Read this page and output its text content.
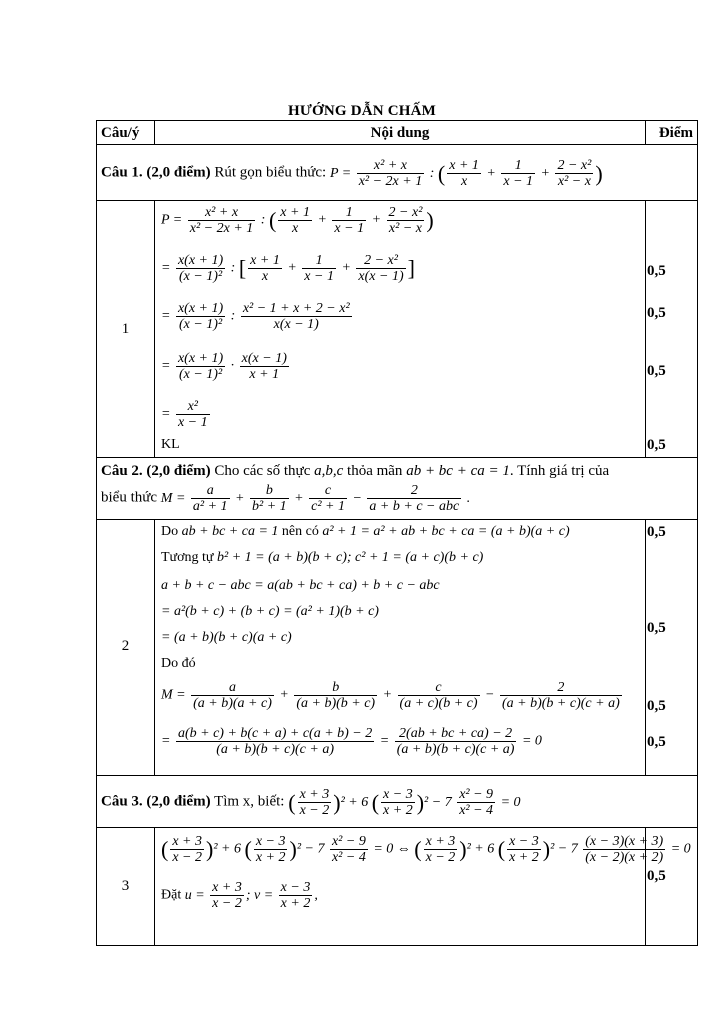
HƯỚNG DẪN CHẤM
Câu/ý	Nội dung	Điểm
Câu 1. (2,0 điểm) Rút gọn biểu thức: $P = \frac{\text{x² + x}}{\text{x² − 2x + 1}}$ : ( $\frac{x + 1}{x} + \frac{1}{x - 1} + \frac{\text{2 − x²}}{\text{x² − x}}$ )
1
$P = \frac{\text{x² + x}}{\text{x² − 2x + 1}}$ : ( $\frac{x + 1}{x} + \frac{1}{x - 1} + \frac{\text{2 − x²}}{\text{x² − x}}$ )
= $\frac{x(x + 1)}{\text{(x − 1)²}}$ : [ $\frac{x + 1}{x} + \frac{1}{x - 1} + \frac{\text{2 − x²}}{x(x - 1)}$ ]
= $\frac{x(x + 1)}{\text{(x − 1)²}}$ : $\frac{\text{x² − 1 + x + 2 − x²}}{x(x - 1)}$
= $\frac{x(x + 1)}{\text{(x − 1)²}} \cdot \frac{x(x - 1)}{x + 1}$
= $\frac{\text{x²}}{x - 1}$
KL
0,5
0,5
0,5
0,5
Câu 2. (2,0 điểm) Cho các số thực a,b,c thỏa mãn ab + bc + ca = 1. Tính giá trị của
biểu thức $M = \frac{a}{\text{a² + 1}} + \frac{b}{\text{b² + 1}} + \frac{c}{\text{c² + 1}} - \frac{2}{\text{a + b + c − abc}}$ .
2
Do ab + bc + ca = 1 nên có a² + 1 = a² + ab + bc + ca = (a + b)(a + c)
Tương tự b² + 1 = (a + b)(b + c); c² + 1 = (a + c)(b + c)
a + b + c − abc = a(ab + bc + ca) + b + c − abc
= a²(b + c) + (b + c) = (a² + 1)(b + c)
= (a + b)(b + c)(a + c)
Do đó
$M = \frac{a}{(a + b)(a + c)} + \frac{b}{(a + b)(b + c)} + \frac{c}{(a + c)(b + c)} - \frac{2}{(a + b)(b + c)(c + a)}$
= $\frac{a(b + c) + b(c + a) + c(a + b) - 2}{(a + b)(b + c)(c + a)} = \frac{2(ab + bc + ca) - 2}{(a + b)(b + c)(c + a)} = 0$
0,5
0,5
0,5
0,5
Câu 3. (2,0 điểm) Tìm x, biết: ( $\frac{x + 3}{x - 2} )^2 + 6$ ( $\frac{x - 3}{x + 2} )^2 - 7 \frac{\text{x² − 9}}{\text{x² − 4}} = 0$
3
( $\frac{x + 3}{x - 2} )^2 + 6$ ( $\frac{x - 3}{x + 2} )^2 - 7 \frac{\text{x² − 9}}{\text{x² − 4}} = 0$ ⇔ ( $\frac{x + 3}{x - 2} )^2 + 6$ ( $\frac{x - 3}{x + 2} )^2 - 7 \frac{(x - 3)(x + 3)}{(x - 2)(x + 2)} = 0$
Đặt $u = \frac{x + 3}{x - 2}$ ; $v = \frac{x - 3}{x + 2}$ ,
0,5
